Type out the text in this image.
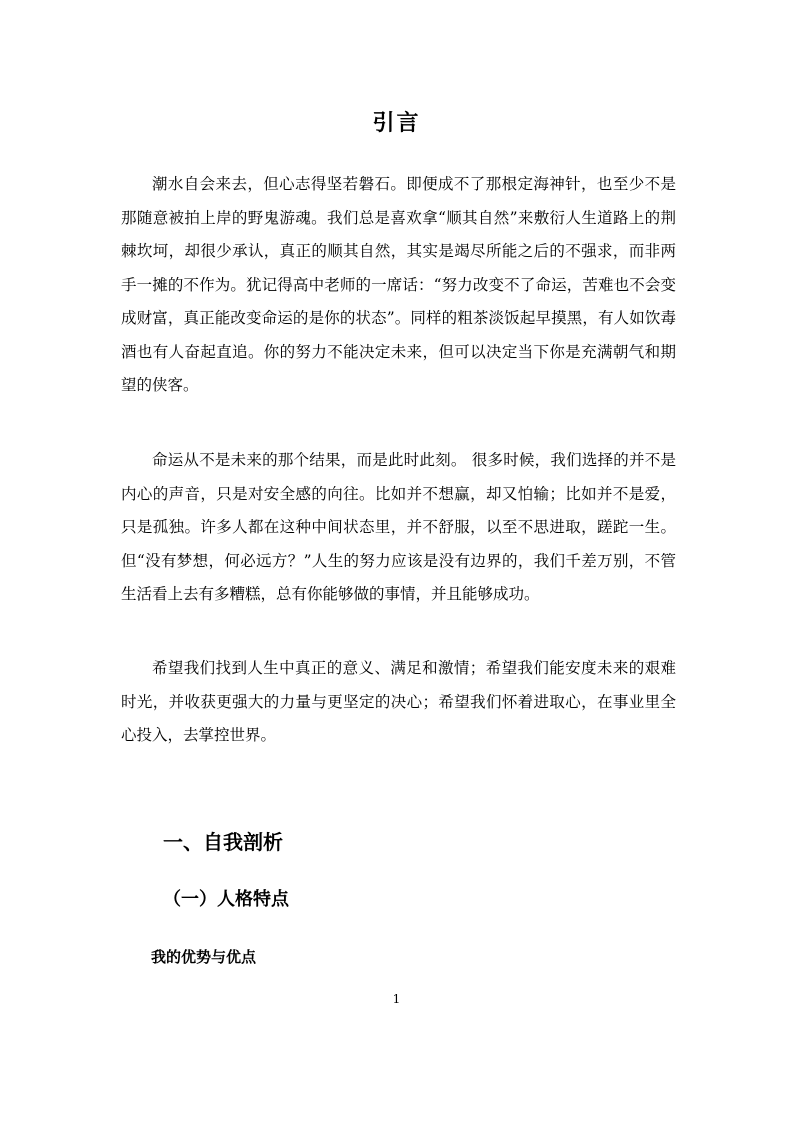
引言

潮水自会来去，但心志得坚若磐石。即便成不了那根定海神针，也至少不是那随意被拍上岸的野鬼游魂。我们总是喜欢拿“顺其自然”来敷衍人生道路上的荆棘坎坷，却很少承认，真正的顺其自然，其实是竭尽所能之后的不强求，而非两手一摊的不作为。犹记得高中老师的一席话：“努力改变不了命运，苦难也不会变成财富，真正能改变命运的是你的状态”。同样的粗茶淡饭起早摸黑，有人如饮毒酒也有人奋起直追。你的努力不能决定未来，但可以决定当下你是充满朝气和期望的侠客。

命运从不是未来的那个结果，而是此时此刻。 很多时候，我们选择的并不是内心的声音，只是对安全感的向往。比如并不想赢，却又怕输；比如并不是爱，只是孤独。许多人都在这种中间状态里，并不舒服，以至不思进取，蹉跎一生。但“没有梦想，何必远方？”人生的努力应该是没有边界的，我们千差万别，不管生活看上去有多糟糕，总有你能够做的事情，并且能够成功。

希望我们找到人生中真正的意义、满足和激情；希望我们能安度未来的艰难时光，并收获更强大的力量与更坚定的决心；希望我们怀着进取心，在事业里全心投入，去掌控世界。

一、自我剖析
（一）人格特点
我的优势与优点
1
